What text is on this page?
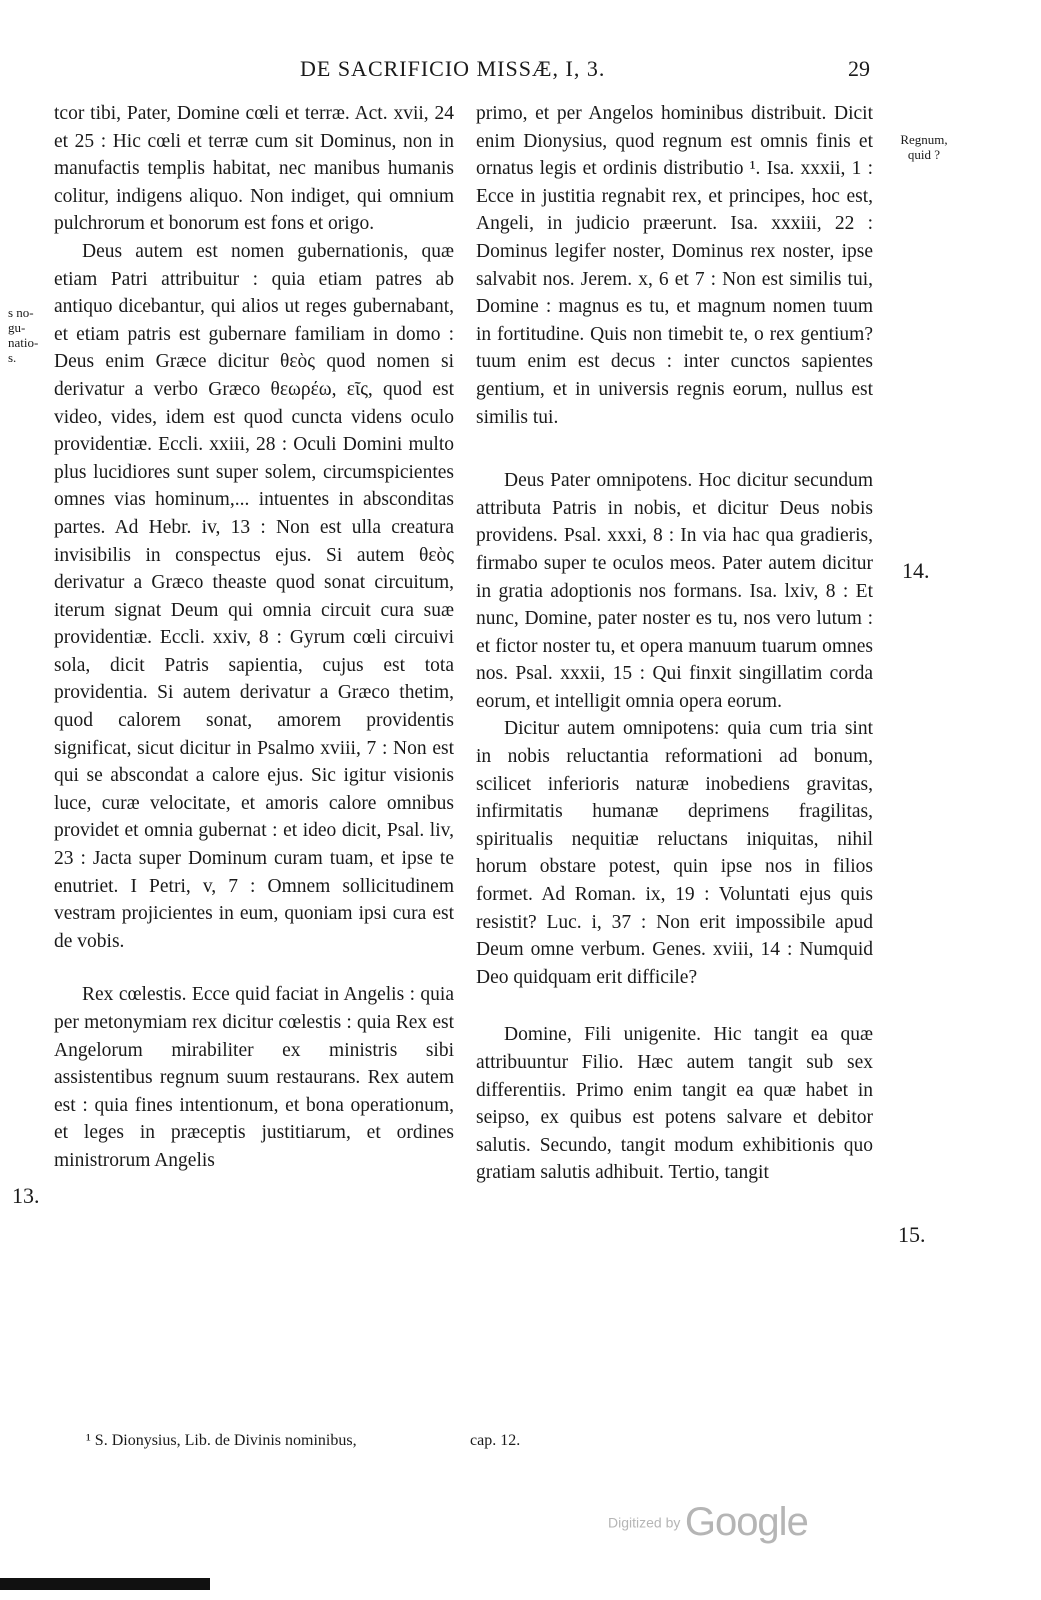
DE SACRIFICIO MISSÆ, I, 3.	29
s no- gu- natio- s.

tcor tibi, Pater, Domine cœli et terræ. Act. xvii, 24 et 25 : Hic cœli et terræ cum sit Dominus, non in manufactis templis habitat, nec manibus humanis colitur, indigens aliquo. Non indiget, qui omnium pulchrorum et bonorum est fons et origo.

Deus autem est nomen gubernationis, quæ etiam Patri attribuitur : quia etiam patres ab antiquo dicebantur, qui alios ut reges gubernabant, et etiam patris est gubernare familiam in domo : Deus enim Græce dicitur θεὸς quod nomen si derivatur a verbo Græco θεωρέω, εῖς, quod est video, vides, idem est quod cuncta videns oculo providentiæ. Eccli. xxiii, 28 : Oculi Domini multo plus lucidiores sunt super solem, circumspicientes omnes vias hominum,... intuentes in absconditas partes. Ad Hebr. iv, 13 : Non est ulla creatura invisibilis in conspectus ejus. Si autem θεὸς derivatur a Græco theaste quod sonat circuitum, iterum signat Deum qui omnia circuit cura suæ providentiæ. Eccli. xxiv, 8 : Gyrum cœli circuivi sola, dicit Patris sapientia, cujus est tota providentia. Si autem derivatur a Græco thetim, quod calorem sonat, amorem providentis significat, sicut dicitur in Psalmo xviii, 7 : Non est qui se abscondat a calore ejus. Sic igitur visionis luce, curæ velocitate, et amoris calore omnibus providet et omnia gubernat : et ideo dicit, Psal. liv, 23 : Jacta super Dominum curam tuam, et ipse te enutriet. I Petri, v, 7 : Omnem sollicitudinem vestram projicientes in eum, quoniam ipsi cura est de vobis.

Rex cœlestis. Ecce quid faciat in Angelis : quia per metonymiam rex dicitur cœlestis : quia Rex est Angelorum mirabiliter ex ministris sibi assistentibus regnum suum restaurans. Rex autem est : quia fines intentionum, et bona operationum, et leges in præceptis justitiarum, et ordines ministrorum Angelis

primo, et per Angelos hominibus distribuit. Dicit enim Dionysius, quod regnum est omnis finis et ornatus legis et ordinis distributio ¹. Isa. xxxii, 1 : Ecce in justitia regnabit rex, et principes, hoc est, Angeli, in judicio præerunt. Isa. xxxiii, 22 : Dominus legifer noster, Dominus rex noster, ipse salvabit nos. Jerem. x, 6 et 7 : Non est similis tui, Domine : magnus es tu, et magnum nomen tuum in fortitudine. Quis non timebit te, o rex gentium? tuum enim est decus : inter cunctos sapientes gentium, et in universis regnis eorum, nullus est similis tui.

Deus Pater omnipotens. Hoc dicitur secundum attributa Patris in nobis, et dicitur Deus nobis providens. Psal. xxxi, 8 : In via hac qua gradieris, firmabo super te oculos meos. Pater autem dicitur in gratia adoptionis nos formans. Isa. lxiv, 8 : Et nunc, Domine, pater noster es tu, nos vero lutum : et fictor noster tu, et opera manuum tuarum omnes nos. Psal. xxxii, 15 : Qui finxit singillatim corda eorum, et intelligit omnia opera eorum.

Dicitur autem omnipotens: quia cum tria sint in nobis reluctantia reformationi ad bonum, scilicet inferioris naturæ inobediens gravitas, infirmitatis humanæ deprimens fragilitas, spiritualis nequitiæ reluctans iniquitas, nihil horum obstare potest, quin ipse nos in filios formet. Ad Roman. ix, 19 : Voluntati ejus quis resistit? Luc. i, 37 : Non erit impossibile apud Deum omne verbum. Genes. xviii, 14 : Numquid Deo quidquam erit difficile?

Domine, Fili unigenite. Hic tangit ea quæ attribuuntur Filio. Hæc autem tangit sub sex differentiis. Primo enim tangit ea quæ habet in seipso, ex quibus est potens salvare et debitor salutis. Secundo, tangit modum exhibitionis quo gratiam salutis adhibuit. Tertio, tangit

Regnum,
quid ?
13.
14.
15.
¹ S. Dionysius, Lib. de Divinis nominibus,	cap. 12.
Digitized by Google
